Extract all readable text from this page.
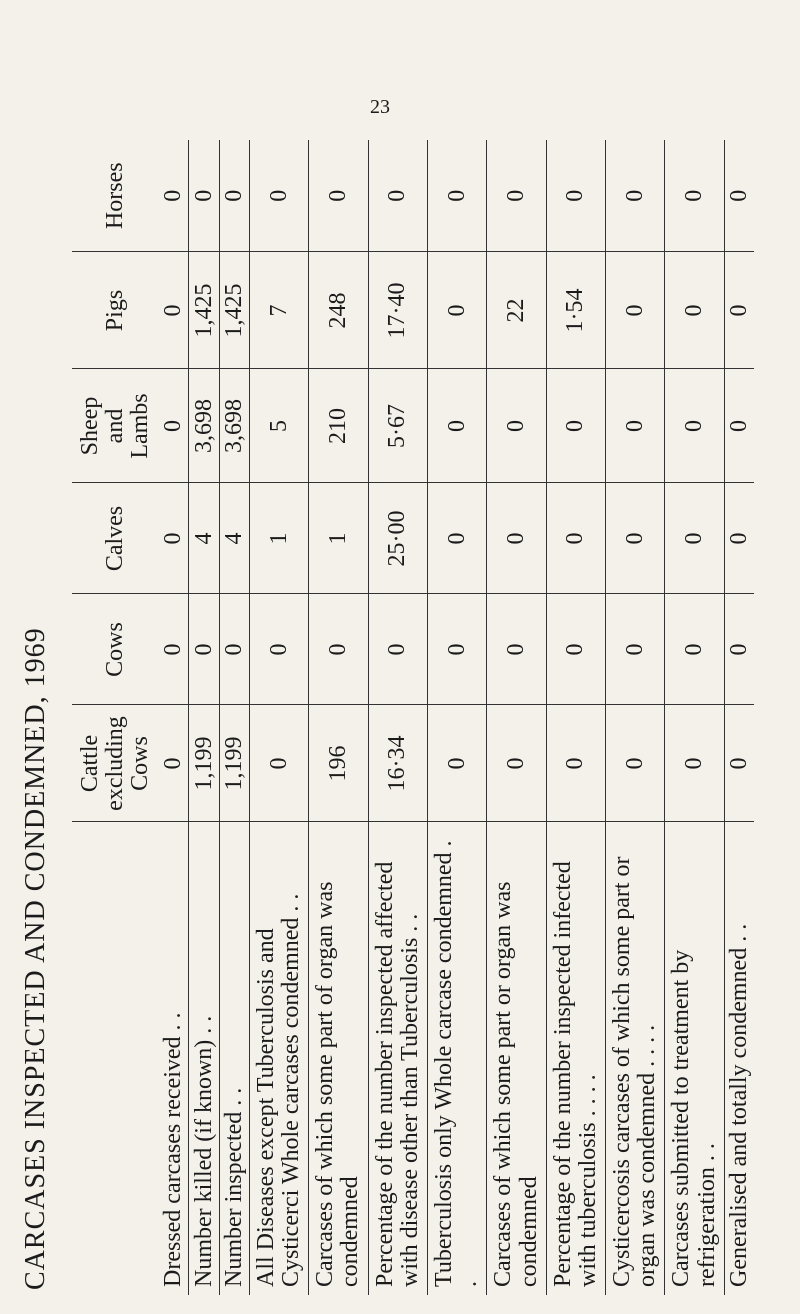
CARCASES INSPECTED AND CONDEMNED, 1969
23
	Cattle excluding Cows	Cows	Calves	Sheep and Lambs	Pigs	Horses
Dressed carcases received . .	0	0	0	0	0	0
Number killed (if known) . .	1,199	0	4	3,698	1,425	0
Number inspected . .	1,199	0	4	3,698	1,425	0
All Diseases except Tuberculosis and Cysticerci Whole carcases condemned . .	0	0	1	5	7	0
Carcases of which some part of organ was condemned	196	0	1	210	248	0
Percentage of the number inspected affected with disease other than Tuberculosis . .	16·34	0	25·00	5·67	17·40	0
Tuberculosis only Whole carcase condemned . .	0	0	0	0	0	0
Carcases of which some part or organ was condemned	0	0	0	0	22	0
Percentage of the number inspected infected with tuberculosis . . . .	0	0	0	0	1·54	0
Cysticercosis carcases of which some part or organ was condemned . . . .	0	0	0	0	0	0
Carcases submitted to treatment by refrigeration . .	0	0	0	0	0	0
Generalised and totally condemned . .	0	0	0	0	0	0
